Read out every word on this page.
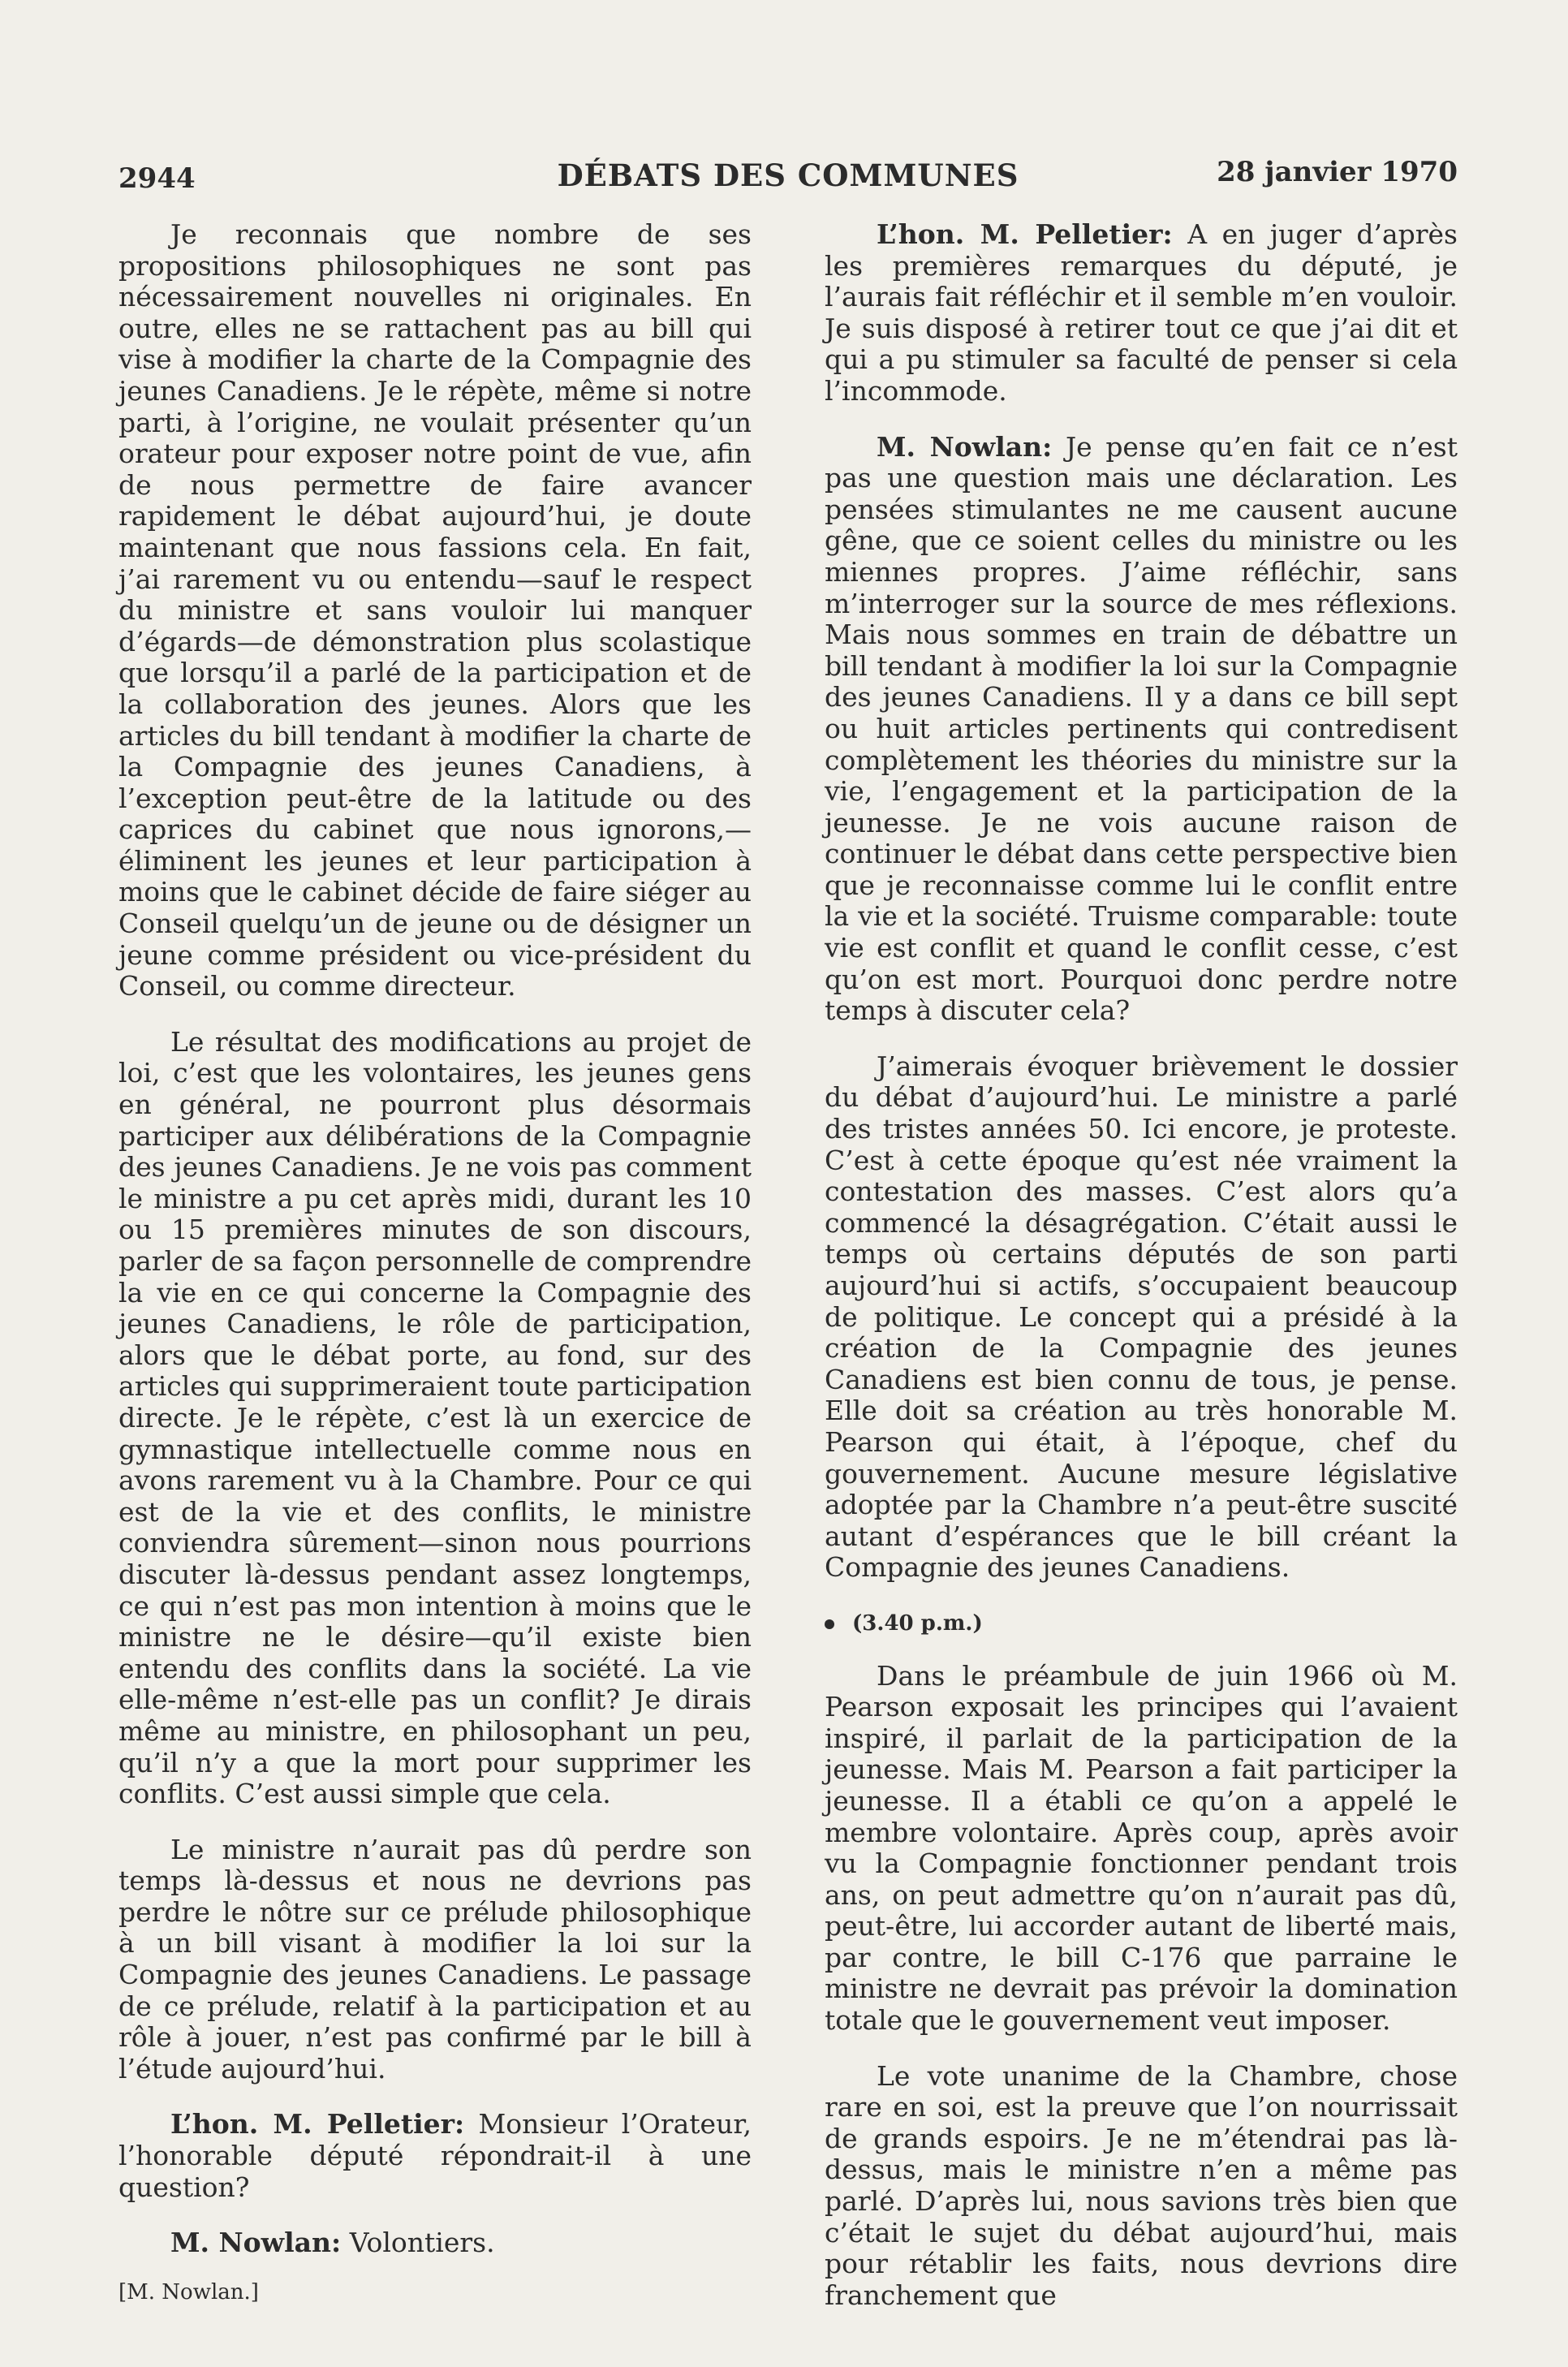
2944	DÉBATS DES COMMUNES	28 janvier 1970

Je reconnais que nombre de ses propositions philosophiques ne sont pas nécessairement nouvelles ni originales. En outre, elles ne se rattachent pas au bill qui vise à modifier la charte de la Compagnie des jeunes Canadiens. Je le répète, même si notre parti, à l’origine, ne voulait présenter qu’un orateur pour exposer notre point de vue, afin de nous permettre de faire avancer rapidement le débat aujourd’hui, je doute maintenant que nous fassions cela. En fait, j’ai rarement vu ou entendu—sauf le respect du ministre et sans vouloir lui manquer d’égards—de démonstration plus scolastique que lorsqu’il a parlé de la participation et de la collaboration des jeunes. Alors que les articles du bill tendant à modifier la charte de la Compagnie des jeunes Canadiens, à l’exception peut-être de la latitude ou des caprices du cabinet que nous ignorons,—éliminent les jeunes et leur participation à moins que le cabinet décide de faire siéger au Conseil quelqu’un de jeune ou de désigner un jeune comme président ou vice-président du Conseil, ou comme directeur.

Le résultat des modifications au projet de loi, c’est que les volontaires, les jeunes gens en général, ne pourront plus désormais participer aux délibérations de la Compagnie des jeunes Canadiens. Je ne vois pas comment le ministre a pu cet après midi, durant les 10 ou 15 premières minutes de son discours, parler de sa façon personnelle de comprendre la vie en ce qui concerne la Compagnie des jeunes Canadiens, le rôle de participation, alors que le débat porte, au fond, sur des articles qui supprimeraient toute participation directe. Je le répète, c’est là un exercice de gymnastique intellectuelle comme nous en avons rarement vu à la Chambre. Pour ce qui est de la vie et des conflits, le ministre conviendra sûrement—sinon nous pourrions discuter là-dessus pendant assez longtemps, ce qui n’est pas mon intention à moins que le ministre ne le désire—qu’il existe bien entendu des conflits dans la société. La vie elle-même n’est-elle pas un conflit? Je dirais même au ministre, en philosophant un peu, qu’il n’y a que la mort pour supprimer les conflits. C’est aussi simple que cela.

Le ministre n’aurait pas dû perdre son temps là-dessus et nous ne devrions pas perdre le nôtre sur ce prélude philosophique à un bill visant à modifier la loi sur la Compagnie des jeunes Canadiens. Le passage de ce prélude, relatif à la participation et au rôle à jouer, n’est pas confirmé par le bill à l’étude aujourd’hui.

L’hon. M. Pelletier: Monsieur l’Orateur, l’honorable député répondrait-il à une question?

M. Nowlan: Volontiers.

[M. Nowlan.]

L’hon. M. Pelletier: A en juger d’après les premières remarques du député, je l’aurais fait réfléchir et il semble m’en vouloir. Je suis disposé à retirer tout ce que j’ai dit et qui a pu stimuler sa faculté de penser si cela l’incommode.

M. Nowlan: Je pense qu’en fait ce n’est pas une question mais une déclaration. Les pensées stimulantes ne me causent aucune gêne, que ce soient celles du ministre ou les miennes propres. J’aime réfléchir, sans m’interroger sur la source de mes réflexions. Mais nous sommes en train de débattre un bill tendant à modifier la loi sur la Compagnie des jeunes Canadiens. Il y a dans ce bill sept ou huit articles pertinents qui contredisent complètement les théories du ministre sur la vie, l’engagement et la participation de la jeunesse. Je ne vois aucune raison de continuer le débat dans cette perspective bien que je reconnaisse comme lui le conflit entre la vie et la société. Truisme comparable: toute vie est conflit et quand le conflit cesse, c’est qu’on est mort. Pourquoi donc perdre notre temps à discuter cela?

J’aimerais évoquer brièvement le dossier du débat d’aujourd’hui. Le ministre a parlé des tristes années 50. Ici encore, je proteste. C’est à cette époque qu’est née vraiment la contestation des masses. C’est alors qu’a commencé la désagrégation. C’était aussi le temps où certains députés de son parti aujourd’hui si actifs, s’occupaient beaucoup de politique. Le concept qui a présidé à la création de la Compagnie des jeunes Canadiens est bien connu de tous, je pense. Elle doit sa création au très honorable M. Pearson qui était, à l’époque, chef du gouvernement. Aucune mesure législative adoptée par la Chambre n’a peut-être suscité autant d’espérances que le bill créant la Compagnie des jeunes Canadiens.

(3.40 p.m.)

Dans le préambule de juin 1966 où M. Pearson exposait les principes qui l’avaient inspiré, il parlait de la participation de la jeunesse. Mais M. Pearson a fait participer la jeunesse. Il a établi ce qu’on a appelé le membre volontaire. Après coup, après avoir vu la Compagnie fonctionner pendant trois ans, on peut admettre qu’on n’aurait pas dû, peut-être, lui accorder autant de liberté mais, par contre, le bill C-176 que parraine le ministre ne devrait pas prévoir la domination totale que le gouvernement veut imposer.

Le vote unanime de la Chambre, chose rare en soi, est la preuve que l’on nourrissait de grands espoirs. Je ne m’étendrai pas là-dessus, mais le ministre n’en a même pas parlé. D’après lui, nous savions très bien que c’était le sujet du débat aujourd’hui, mais pour rétablir les faits, nous devrions dire franchement que
